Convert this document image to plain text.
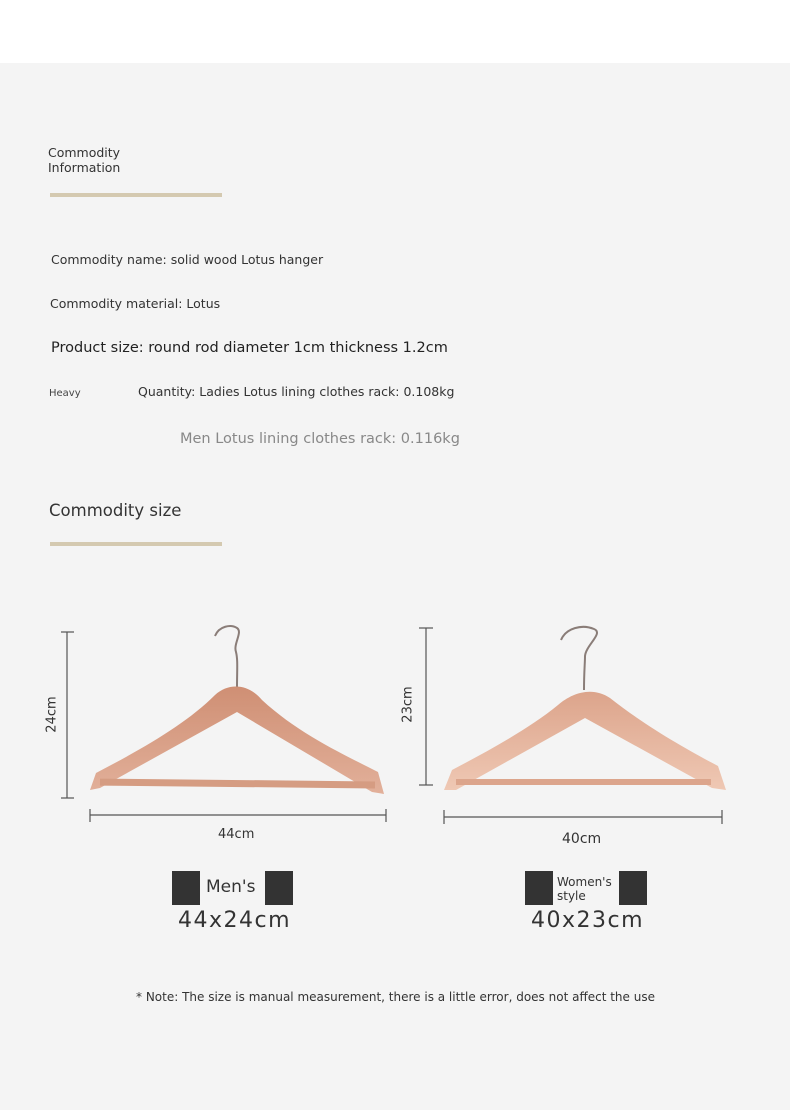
Commodity Information
Commodity name: solid wood Lotus hanger
Commodity material: Lotus
Product size: round rod diameter 1cm thickness 1.2cm
Heavy	Quantity: Ladies Lotus lining clothes rack: 0.108kg
Men Lotus lining clothes rack: 0.116kg
Commodity size
24cm
44cm
23cm
40cm
Men's
44x24cm
Women's style
40x23cm
* Note: The size is manual measurement, there is a little error, does not affect the use
